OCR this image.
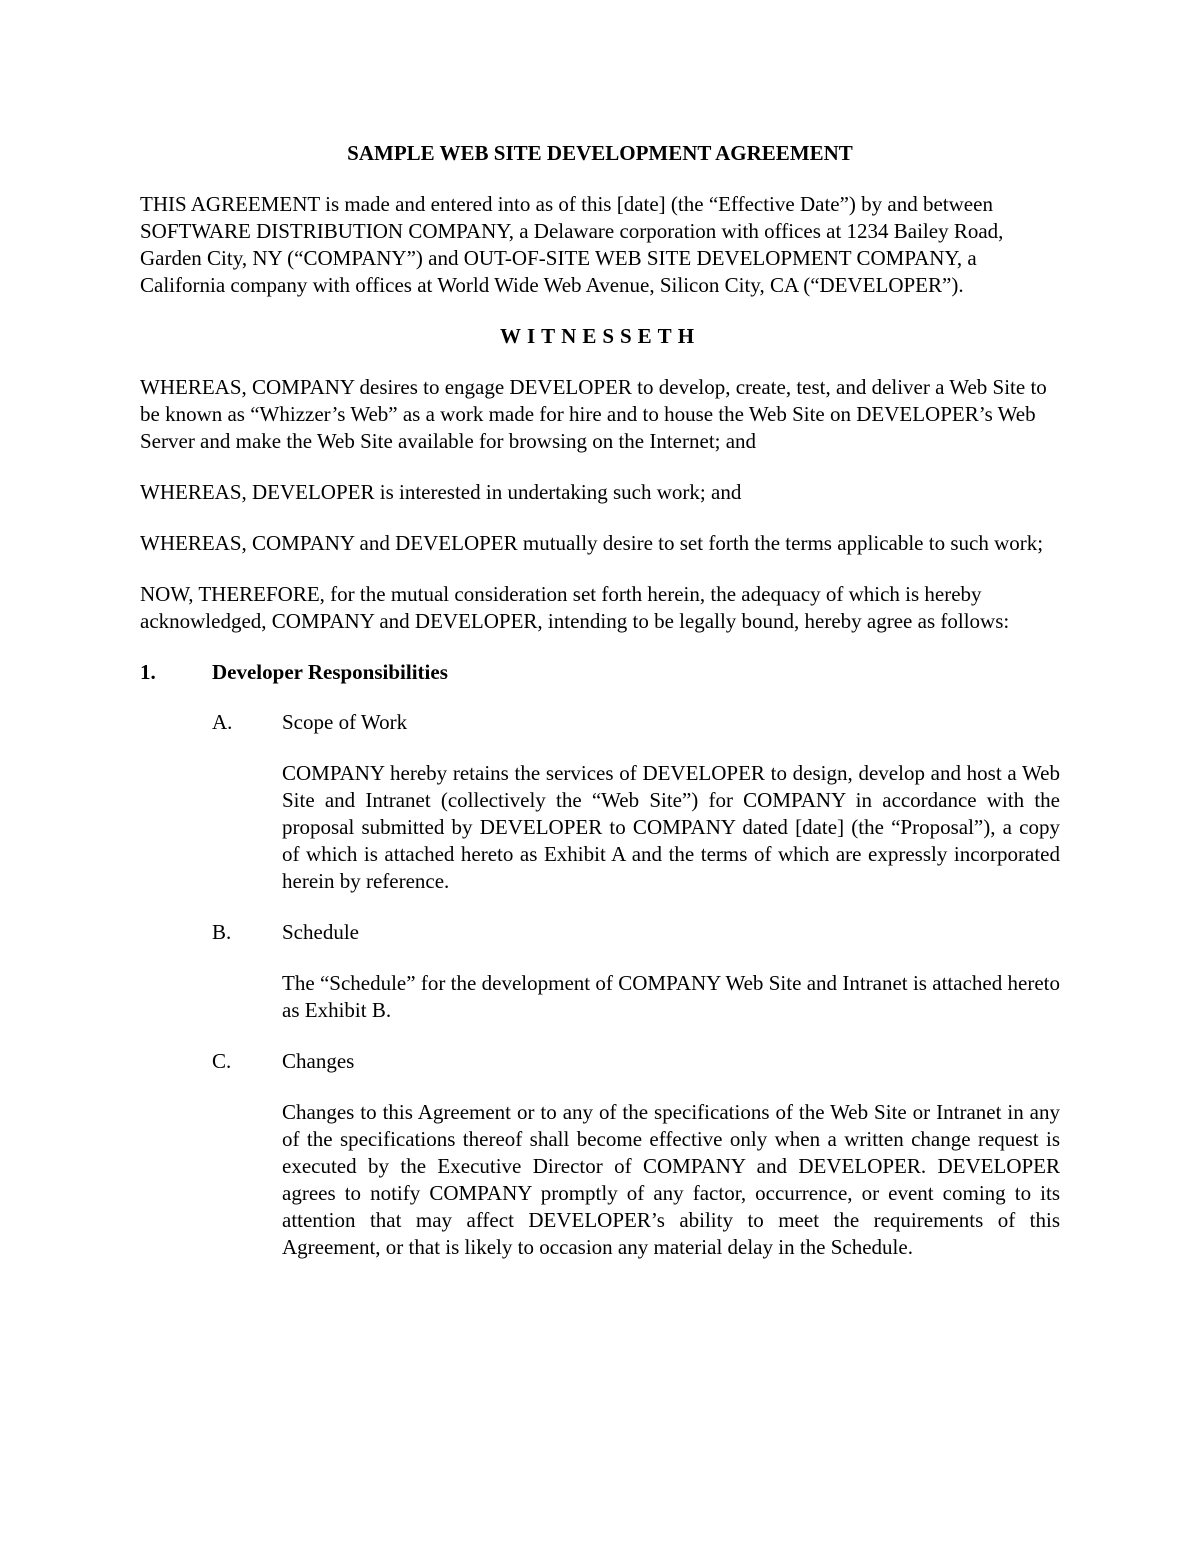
SAMPLE WEB SITE DEVELOPMENT AGREEMENT

THIS AGREEMENT is made and entered into as of this [date] (the “Effective Date”) by and between SOFTWARE DISTRIBUTION COMPANY, a Delaware corporation with offices at 1234 Bailey Road, Garden City, NY (“COMPANY”) and OUT-OF-SITE WEB SITE DEVELOPMENT COMPANY, a California company with offices at World Wide Web Avenue, Silicon City, CA (“DEVELOPER”).

WITNESSETH

WHEREAS, COMPANY desires to engage DEVELOPER to develop, create, test, and deliver a Web Site to be known as “Whizzer’s Web” as a work made for hire and to house the Web Site on DEVELOPER’s Web Server and make the Web Site available for browsing on the Internet; and

WHEREAS, DEVELOPER is interested in undertaking such work; and

WHEREAS, COMPANY and DEVELOPER mutually desire to set forth the terms applicable to such work;

NOW, THEREFORE, for the mutual consideration set forth herein, the adequacy of which is hereby acknowledged, COMPANY and DEVELOPER, intending to be legally bound, hereby agree as follows:

1.	Developer Responsibilities
A.	Scope of Work
COMPANY hereby retains the services of DEVELOPER to design, develop and host a Web Site and Intranet (collectively the “Web Site”) for COMPANY in accordance with the proposal submitted by DEVELOPER to COMPANY dated [date] (the “Proposal”), a copy of which is attached hereto as Exhibit A and the terms of which are expressly incorporated herein by reference.
B.	Schedule
The “Schedule” for the development of COMPANY Web Site and Intranet is attached hereto as Exhibit B.
C.	Changes
Changes to this Agreement or to any of the specifications of the Web Site or Intranet in any of the specifications thereof shall become effective only when a written change request is executed by the Executive Director of COMPANY and DEVELOPER. DEVELOPER agrees to notify COMPANY promptly of any factor, occurrence, or event coming to its attention that may affect DEVELOPER’s ability to meet the requirements of this Agreement, or that is likely to occasion any material delay in the Schedule.
